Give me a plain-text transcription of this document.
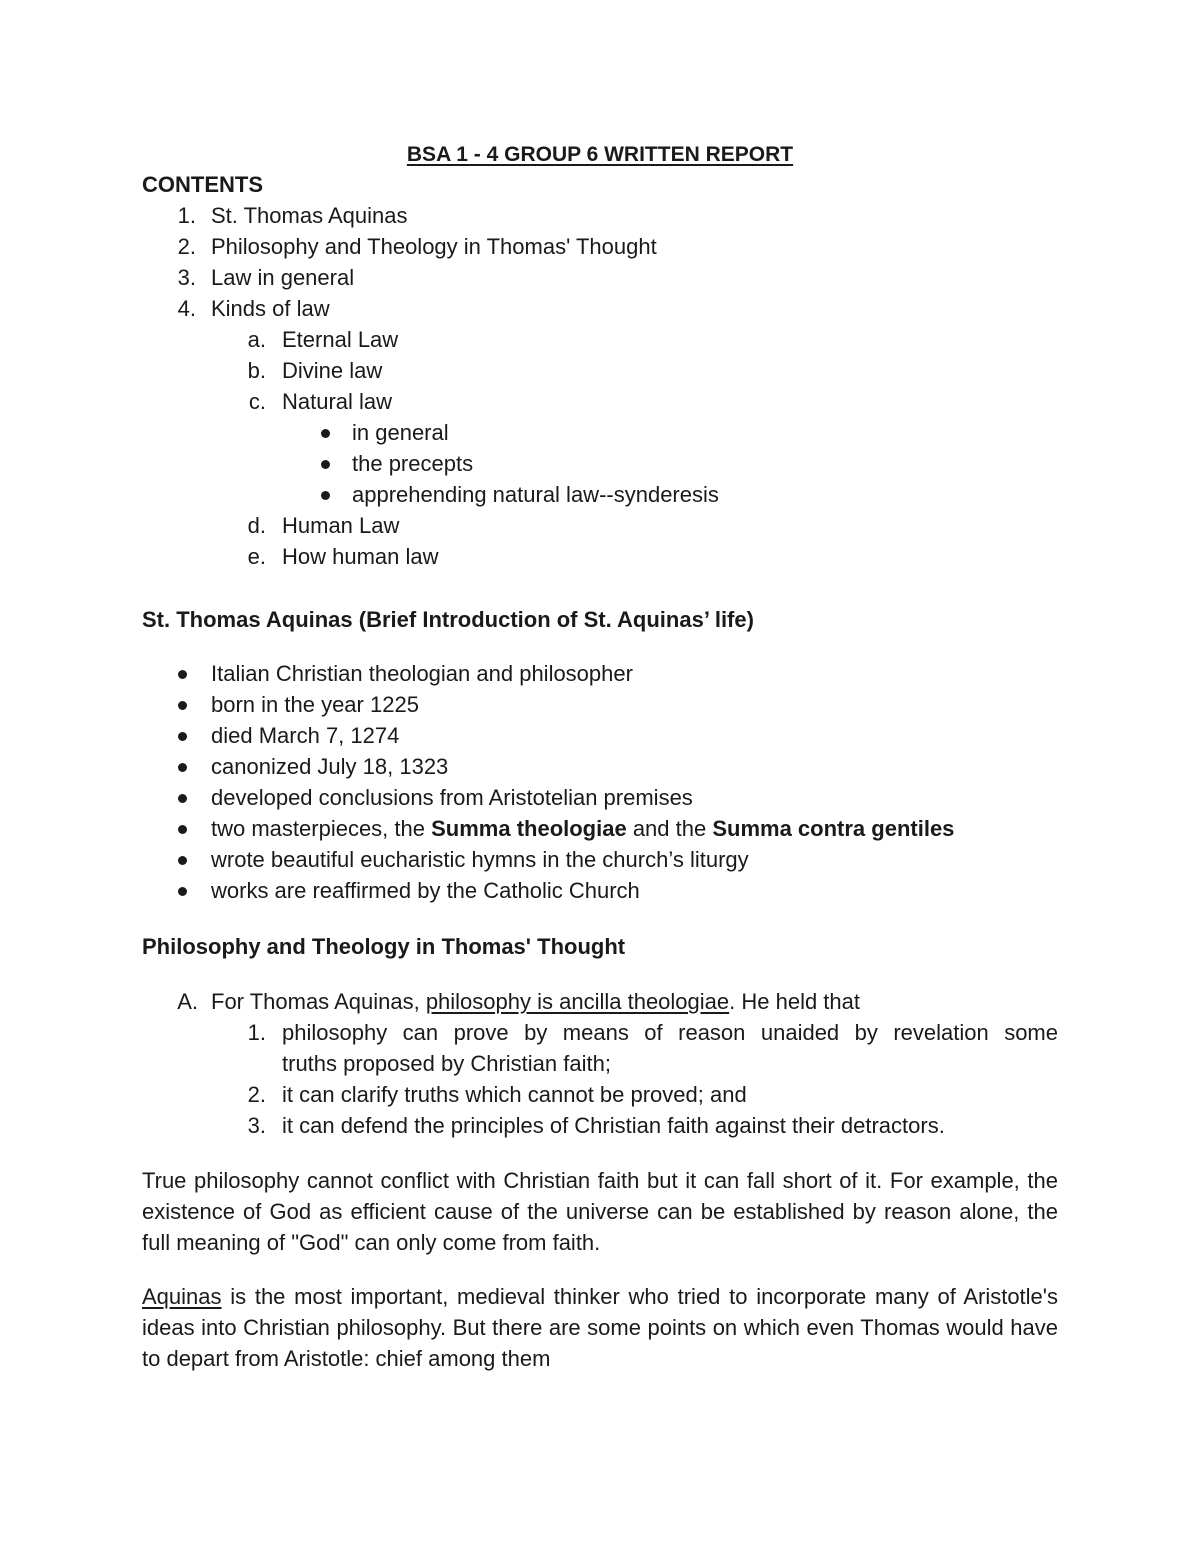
BSA 1 - 4 GROUP 6 WRITTEN REPORT
CONTENTS
1. St. Thomas Aquinas
2. Philosophy and Theology in Thomas' Thought
3. Law in general
4. Kinds of law
a. Eternal Law
b. Divine law
c. Natural law
in general
the precepts
apprehending natural law--synderesis
d. Human Law
e. How human law
St. Thomas Aquinas (Brief Introduction of St. Aquinas’ life)
Italian Christian theologian and philosopher
born in the year 1225
died March 7, 1274
canonized July 18, 1323
developed conclusions from Aristotelian premises
two masterpieces, the Summa theologiae and the Summa contra gentiles
wrote beautiful eucharistic hymns in the church’s liturgy
works are reaffirmed by the Catholic Church
Philosophy and Theology in Thomas' Thought
A. For Thomas Aquinas, philosophy is ancilla theologiae. He held that
1. philosophy can prove by means of reason unaided by revelation some
truths proposed by Christian faith;
2. it can clarify truths which cannot be proved; and
3. it can defend the principles of Christian faith against their detractors.
True philosophy cannot conflict with Christian faith but it can fall short of it. For example, the existence of God as efficient cause of the universe can be established by reason alone, the full meaning of "God" can only come from faith.
Aquinas is the most important, medieval thinker who tried to incorporate many of Aristotle's ideas into Christian philosophy. But there are some points on which even Thomas would have to depart from Aristotle: chief among them
